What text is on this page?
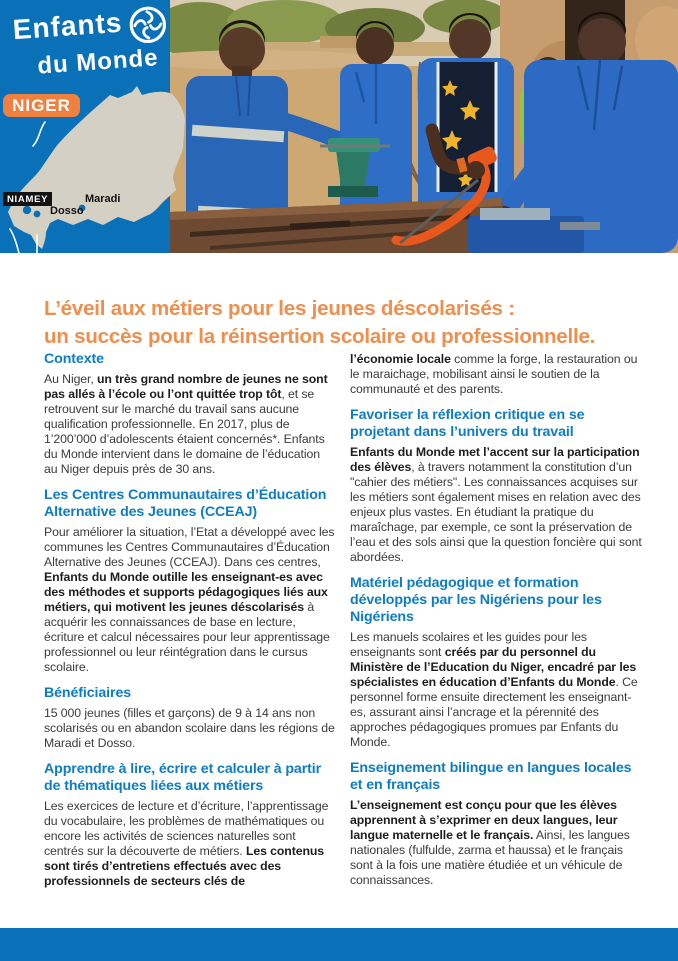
Enfants
du Monde
NIGER
NIAMEY
Dosso
Maradi
L’éveil aux métiers pour les jeunes déscolarisés :
un succès pour la réinsertion scolaire ou professionnelle.
Contexte

Au Niger, un très grand nombre de jeunes ne sont pas allés à l’école ou l’ont quittée trop tôt, et se retrouvent sur le marché du travail sans aucune qualification professionnelle. En 2017, plus de 1’200’000 d’adolescents étaient concernés*. Enfants du Monde intervient dans le domaine de l’éducation au Niger depuis près de 30 ans.

Les Centres Communautaires d’Éducation Alternative des Jeunes (CCEAJ)

Pour améliorer la situation, l’Etat a développé avec les communes les Centres Communautaires d’Éducation Alternative des Jeunes (CCEAJ). Dans ces centres, Enfants du Monde outille les enseignant-es avec des méthodes et supports pédagogiques liés aux métiers, qui motivent les jeunes déscolarisés à acquérir les connaissances de base en lecture, écriture et calcul nécessaires pour leur apprentissage professionnel ou leur réintégration dans le cursus scolaire.

Bénéficiaires

15 000 jeunes (filles et garçons) de 9 à 14 ans non scolarisés ou en abandon scolaire dans les régions de Maradi et Dosso.

Apprendre à lire, écrire et calculer à partir de thématiques liées aux métiers

Les exercices de lecture et d’écriture, l’apprentissage du vocabulaire, les problèmes de mathématiques ou encore les activités de sciences naturelles sont centrés sur la découverte de métiers. Les contenus sont tirés d’entretiens effectués avec des professionnels de secteurs clés de

l’économie locale comme la forge, la restauration ou le maraichage, mobilisant ainsi le soutien de la communauté et des parents.

Favoriser la réflexion critique en se projetant dans l’univers du travail

Enfants du Monde met l’accent sur la participation des élèves, à travers notamment la constitution d’un "cahier des métiers". Les connaissances acquises sur les métiers sont également mises en relation avec des enjeux plus vastes. En étudiant la pratique du maraîchage, par exemple, ce sont la préservation de l’eau et des sols ainsi que la question foncière qui sont abordées.

Matériel pédagogique et formation développés par les Nigériens pour les Nigériens

Les manuels scolaires et les guides pour les enseignants sont créés par du personnel du Ministère de l’Education du Niger, encadré par les spécialistes en éducation d’Enfants du Monde. Ce personnel forme ensuite directement les enseignant-es, assurant ainsi l’ancrage et la pérennité des approches pédagogiques promues par Enfants du Monde.

Enseignement bilingue en langues locales et en français

L’enseignement est conçu pour que les élèves apprennent à s’exprimer en deux langues, leur langue maternelle et le français. Ainsi, les langues nationales (fulfulde, zarma et haussa) et le français sont à la fois une matière étudiée et un véhicule de connaissances.
